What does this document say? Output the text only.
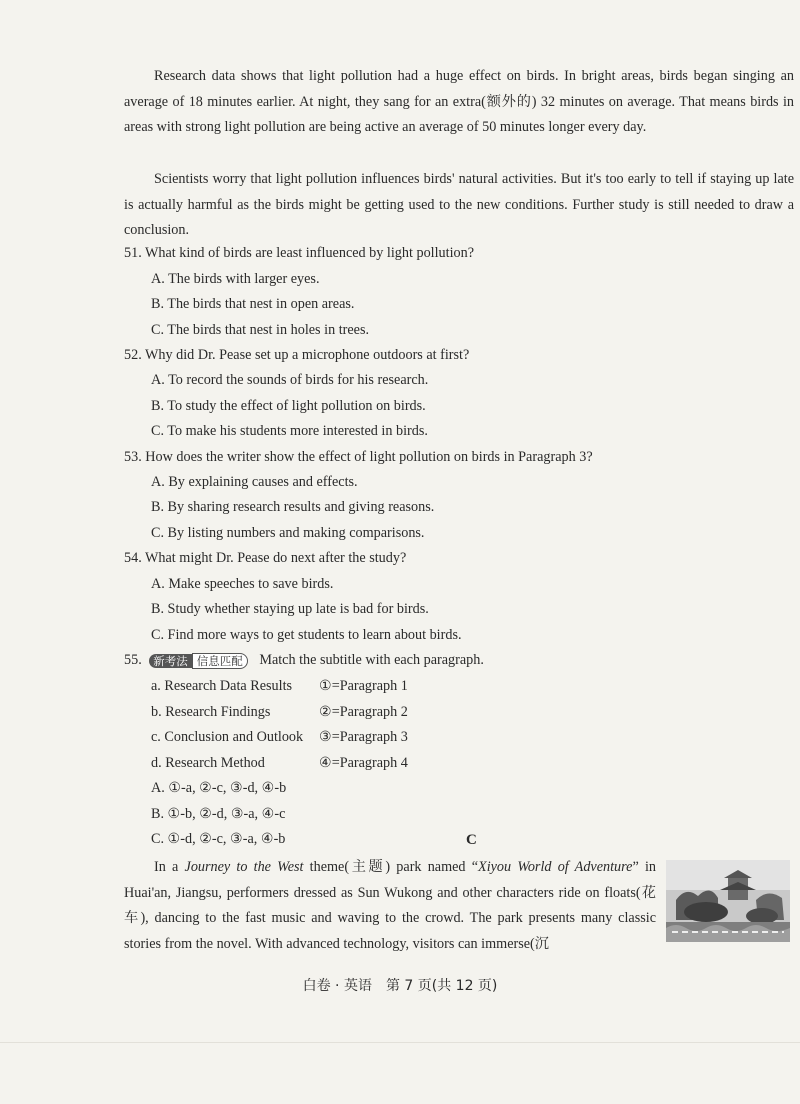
Research data shows that light pollution had a huge effect on birds. In bright areas, birds began singing an average of 18 minutes earlier. At night, they sang for an extra(额外的) 32 minutes on average. That means birds in areas with strong light pollution are being active an average of 50 minutes longer every day.
Scientists worry that light pollution influences birds' natural activities. But it's too early to tell if staying up late is actually harmful as the birds might be getting used to the new conditions. Further study is still needed to draw a conclusion.
51. What kind of birds are least influenced by light pollution?
A. The birds with larger eyes.
B. The birds that nest in open areas.
C. The birds that nest in holes in trees.
52. Why did Dr. Pease set up a microphone outdoors at first?
A. To record the sounds of birds for his research.
B. To study the effect of light pollution on birds.
C. To make his students more interested in birds.
53. How does the writer show the effect of light pollution on birds in Paragraph 3?
A. By explaining causes and effects.
B. By sharing research results and giving reasons.
C. By listing numbers and making comparisons.
54. What might Dr. Pease do next after the study?
A. Make speeches to save birds.
B. Study whether staying up late is bad for birds.
C. Find more ways to get students to learn about birds.
55. 新考法 信息匹配 Match the subtitle with each paragraph.
a. Research Data Results ①=Paragraph 1
b. Research Findings	②=Paragraph 2
c. Conclusion and Outlook ③=Paragraph 3
d. Research Method	④=Paragraph 4
A. ①-a, ②-c, ③-d, ④-b
B. ①-b, ②-d, ③-a, ④-c
C. ①-d, ②-c, ③-a, ④-b	C
In a Journey to the West theme(主题) park named “Xiyou World of Adventure” in Huai'an, Jiangsu, performers dressed as Sun Wukong and other characters ride on floats(花车), dancing to the fast music and waving to the crowd. The park presents many classic stories from the novel. With advanced technology, visitors can immerse(沉
白卷 · 英语　第 7 页(共 12 页)
